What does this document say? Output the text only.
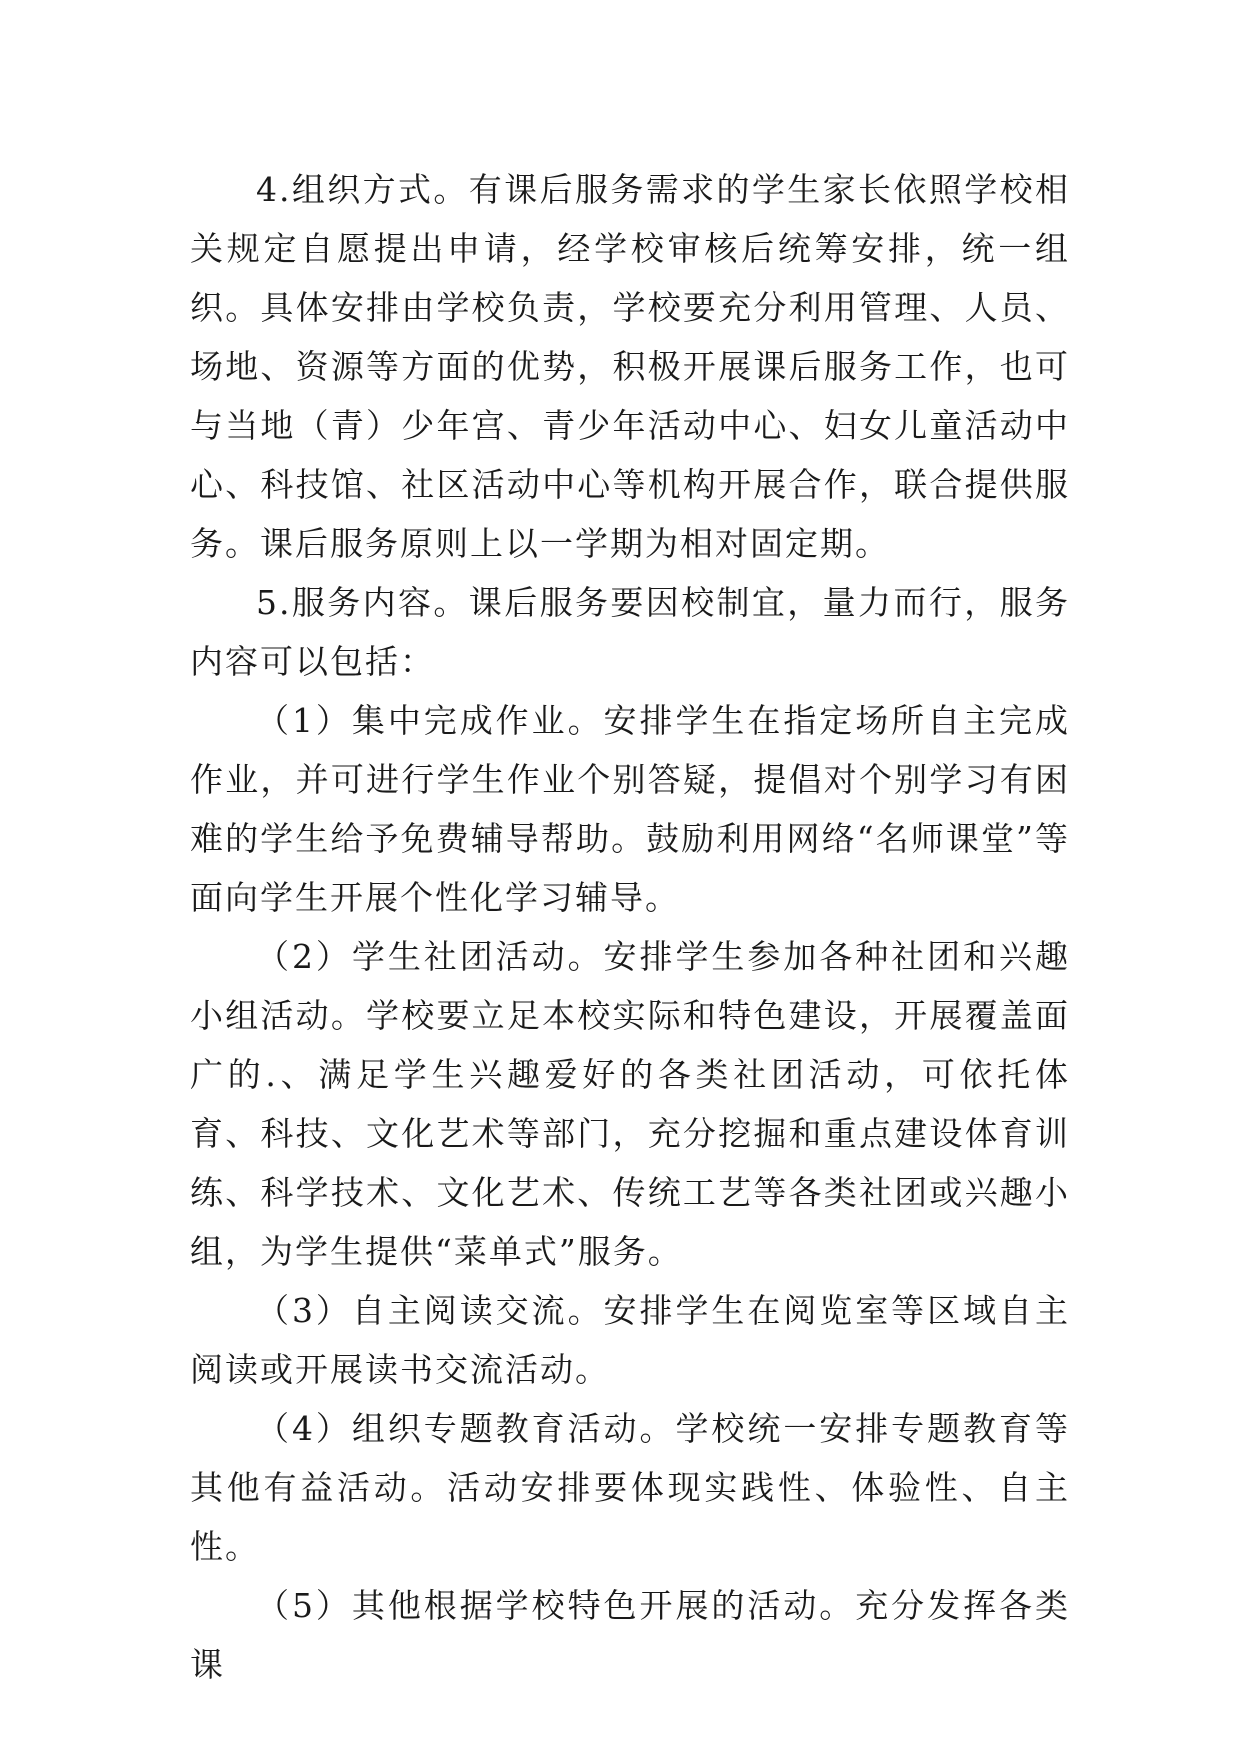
4.组织方式。有课后服务需求的学生家长依照学校相关规定自愿提出申请，经学校审核后统筹安排，统一组织。具体安排由学校负责，学校要充分利用管理、人员、场地、资源等方面的优势，积极开展课后服务工作，也可与当地（青）少年宫、青少年活动中心、妇女儿童活动中心、科技馆、社区活动中心等机构开展合作，联合提供服务。课后服务原则上以一学期为相对固定期。

5.服务内容。课后服务要因校制宜，量力而行，服务内容可以包括：

（1）集中完成作业。安排学生在指定场所自主完成作业，并可进行学生作业个别答疑，提倡对个别学习有困难的学生给予免费辅导帮助。鼓励利用网络“名师课堂”等面向学生开展个性化学习辅导。

（2）学生社团活动。安排学生参加各种社团和兴趣小组活动。学校要立足本校实际和特色建设，开展覆盖面广的.、满足学生兴趣爱好的各类社团活动，可依托体育、科技、文化艺术等部门，充分挖掘和重点建设体育训练、科学技术、文化艺术、传统工艺等各类社团或兴趣小组，为学生提供“菜单式”服务。

（3）自主阅读交流。安排学生在阅览室等区域自主阅读或开展读书交流活动。

（4）组织专题教育活动。学校统一安排专题教育等其他有益活动。活动安排要体现实践性、体验性、自主性。

（5）其他根据学校特色开展的活动。充分发挥各类课
